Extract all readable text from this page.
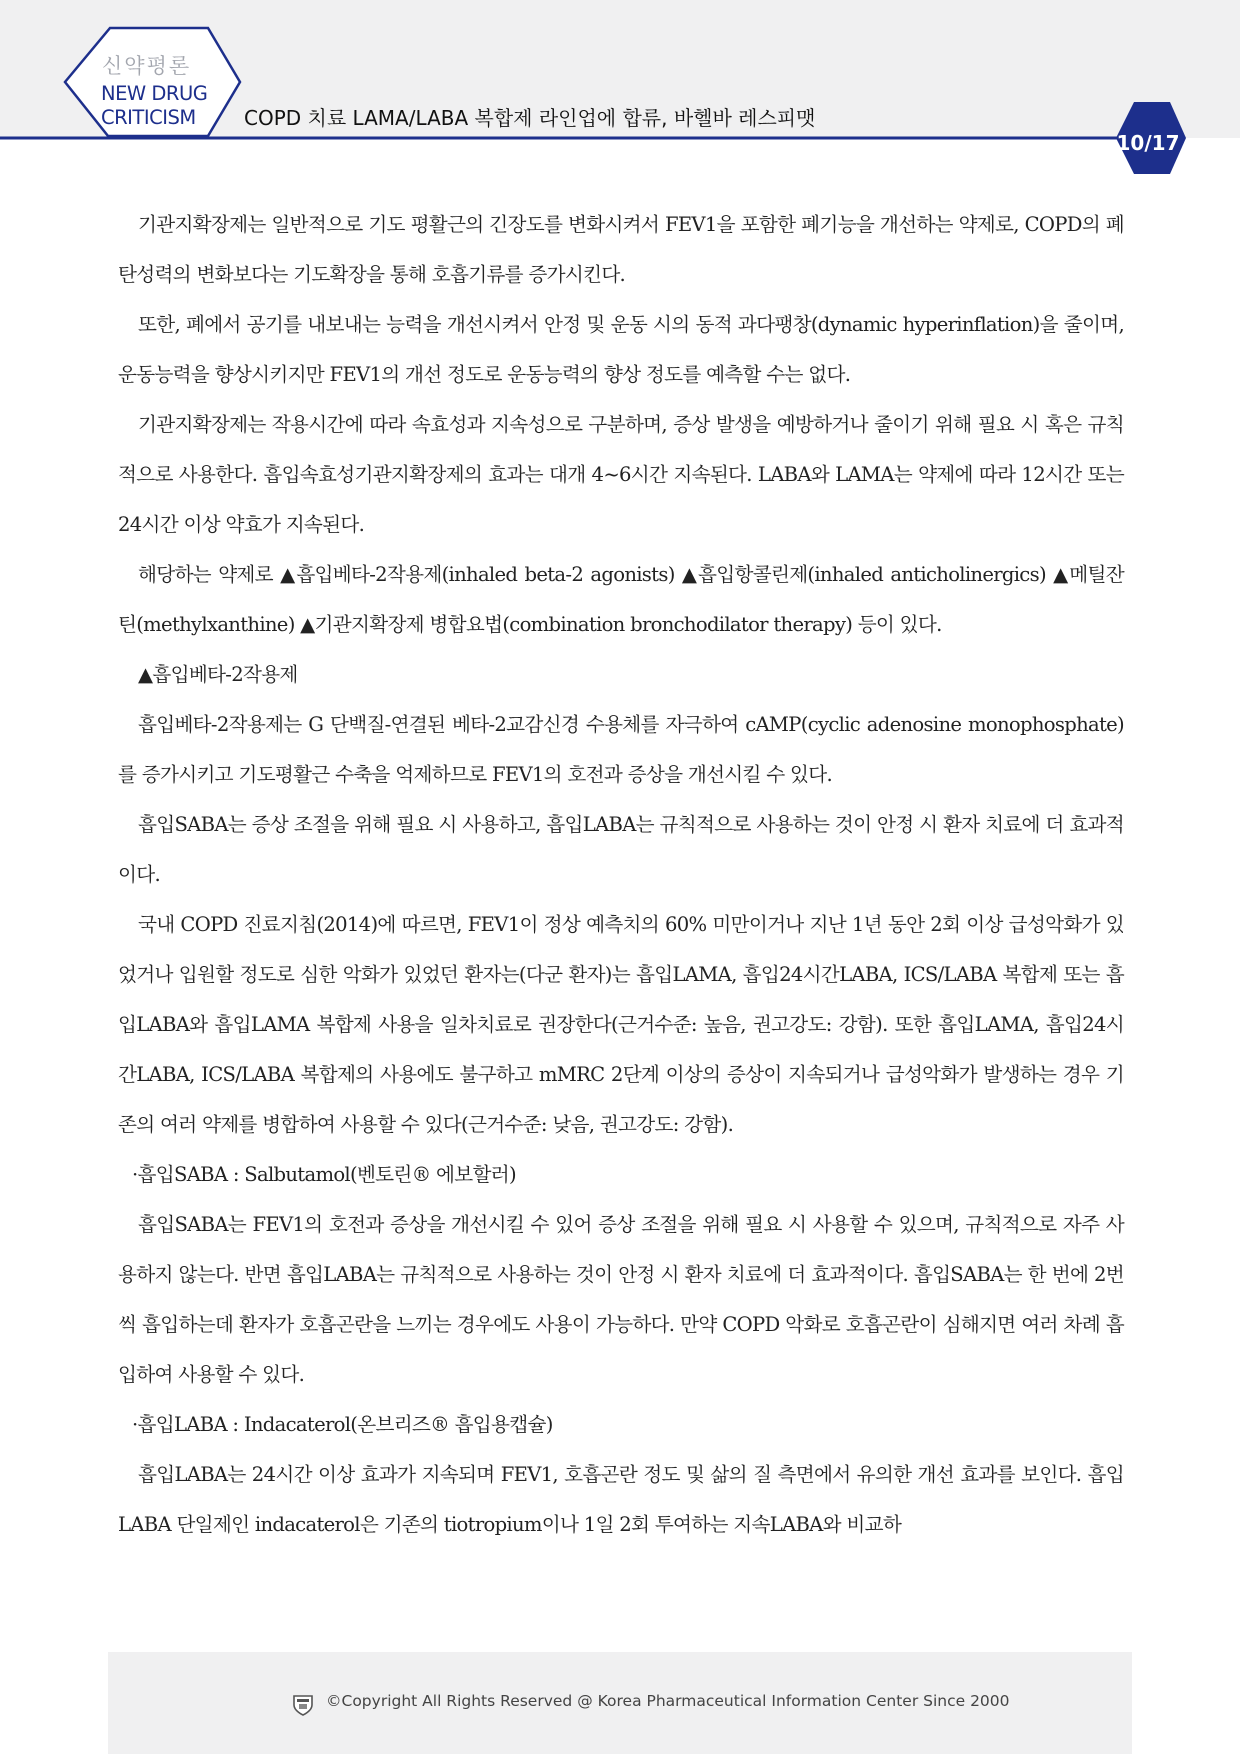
신약평론
NEW DRUG
CRITICISM	COPD 치료 LAMA/LABA 복합제 라인업에 합류, 바헬바 레스피맷
10/17

기관지확장제는 일반적으로 기도 평활근의 긴장도를 변화시켜서 FEV1을 포함한 폐기능을 개선하는 약제로, COPD의 폐탄성력의 변화보다는 기도확장을 통해 호흡기류를 증가시킨다.

또한, 폐에서 공기를 내보내는 능력을 개선시켜서 안정 및 운동 시의 동적 과다팽창(dynamic hyperinflation)을 줄이며, 운동능력을 향상시키지만 FEV1의 개선 정도로 운동능력의 향상 정도를 예측할 수는 없다.

기관지확장제는 작용시간에 따라 속효성과 지속성으로 구분하며, 증상 발생을 예방하거나 줄이기 위해 필요 시 혹은 규칙적으로 사용한다. 흡입속효성기관지확장제의 효과는 대개 4~6시간 지속된다. LABA와 LAMA는 약제에 따라 12시간 또는 24시간 이상 약효가 지속된다.

해당하는 약제로 ▲흡입베타-2작용제(inhaled beta-2 agonists) ▲흡입항콜린제(inhaled anticholinergics) ▲메틸잔틴(methylxanthine) ▲기관지확장제 병합요법(combination bronchodilator therapy) 등이 있다.

▲흡입베타-2작용제

흡입베타-2작용제는 G 단백질-연결된 베타-2교감신경 수용체를 자극하여 cAMP(cyclic adenosine monophosphate)를 증가시키고 기도평활근 수축을 억제하므로 FEV1의 호전과 증상을 개선시킬 수 있다.

흡입SABA는 증상 조절을 위해 필요 시 사용하고, 흡입LABA는 규칙적으로 사용하는 것이 안정 시 환자 치료에 더 효과적이다.

국내 COPD 진료지침(2014)에 따르면, FEV1이 정상 예측치의 60% 미만이거나 지난 1년 동안 2회 이상 급성악화가 있었거나 입원할 정도로 심한 악화가 있었던 환자는(다군 환자)는 흡입LAMA, 흡입24시간LABA, ICS/LABA 복합제 또는 흡입LABA와 흡입LAMA 복합제 사용을 일차치료로 권장한다(근거수준: 높음, 권고강도: 강함). 또한 흡입LAMA, 흡입24시간LABA, ICS/LABA 복합제의 사용에도 불구하고 mMRC 2단계 이상의 증상이 지속되거나 급성악화가 발생하는 경우 기존의 여러 약제를 병합하여 사용할 수 있다(근거수준: 낮음, 권고강도: 강함).

·흡입SABA : Salbutamol(벤토린® 에보할러)

흡입SABA는 FEV1의 호전과 증상을 개선시킬 수 있어 증상 조절을 위해 필요 시 사용할 수 있으며, 규칙적으로 자주 사용하지 않는다. 반면 흡입LABA는 규칙적으로 사용하는 것이 안정 시 환자 치료에 더 효과적이다. 흡입SABA는 한 번에 2번씩 흡입하는데 환자가 호흡곤란을 느끼는 경우에도 사용이 가능하다. 만약 COPD 악화로 호흡곤란이 심해지면 여러 차례 흡입하여 사용할 수 있다.

·흡입LABA : Indacaterol(온브리즈® 흡입용캡슐)

흡입LABA는 24시간 이상 효과가 지속되며 FEV1, 호흡곤란 정도 및 삶의 질 측면에서 유의한 개선 효과를 보인다. 흡입LABA 단일제인 indacaterol은 기존의 tiotropium이나 1일 2회 투여하는 지속LABA와 비교하

©Copyright All Rights Reserved @ Korea Pharmaceutical Information Center Since 2000
